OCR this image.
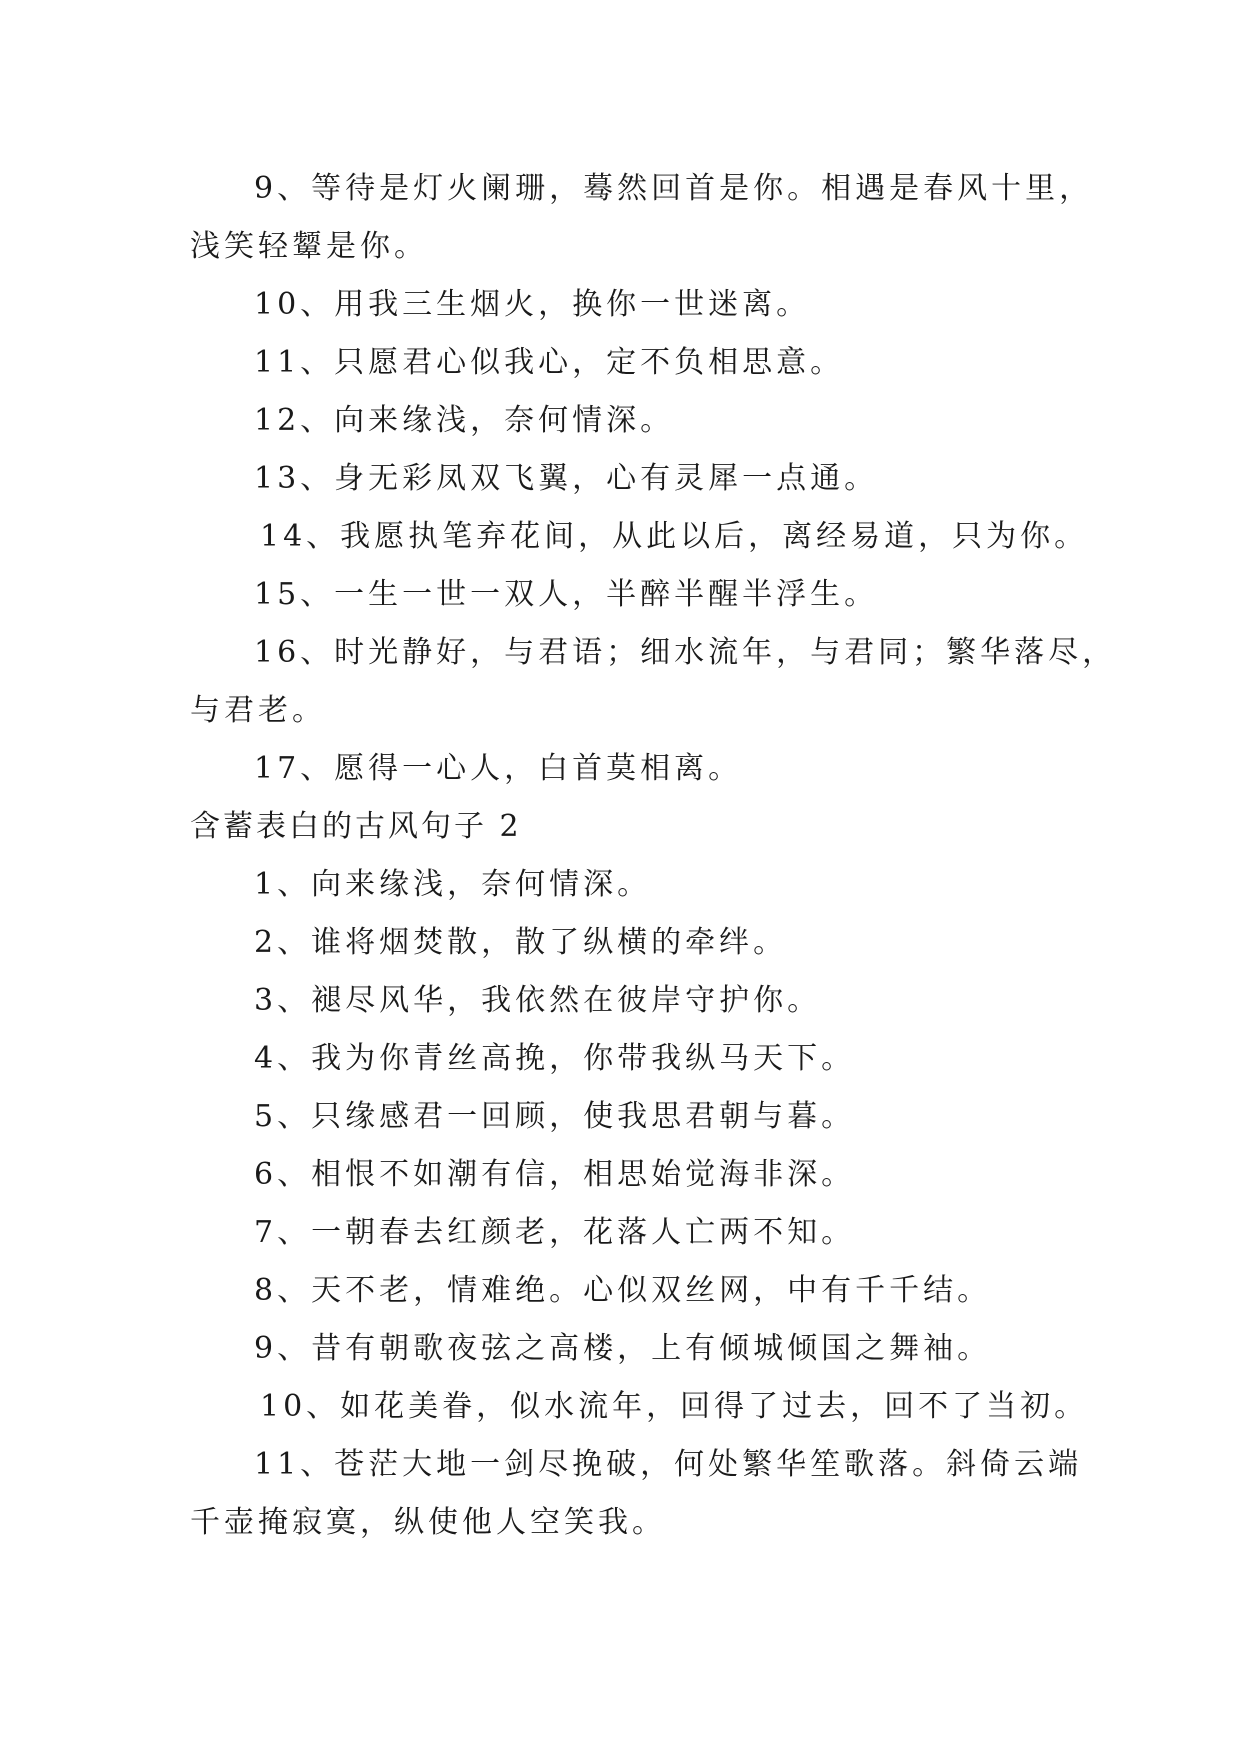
9、等待是灯火阑珊，蓦然回首是你。相遇是春风十里，
浅笑轻颦是你。
10、用我三生烟火，换你一世迷离。
11、只愿君心似我心，定不负相思意。
12、向来缘浅，奈何情深。
13、身无彩凤双飞翼，心有灵犀一点通。
14、我愿执笔弃花间，从此以后，离经易道，只为你。
15、一生一世一双人，半醉半醒半浮生。
16、时光静好，与君语；细水流年，与君同；繁华落尽，
与君老。
17、愿得一心人，白首莫相离。
含蓄表白的古风句子 2
1、向来缘浅，奈何情深。
2、谁将烟焚散，散了纵横的牵绊。
3、褪尽风华，我依然在彼岸守护你。
4、我为你青丝高挽，你带我纵马天下。
5、只缘感君一回顾，使我思君朝与暮。
6、相恨不如潮有信，相思始觉海非深。
7、一朝春去红颜老，花落人亡两不知。
8、天不老，情难绝。心似双丝网，中有千千结。
9、昔有朝歌夜弦之高楼，上有倾城倾国之舞袖。
10、如花美眷，似水流年，回得了过去，回不了当初。
11、苍茫大地一剑尽挽破，何处繁华笙歌落。斜倚云端
千壶掩寂寞，纵使他人空笑我。
